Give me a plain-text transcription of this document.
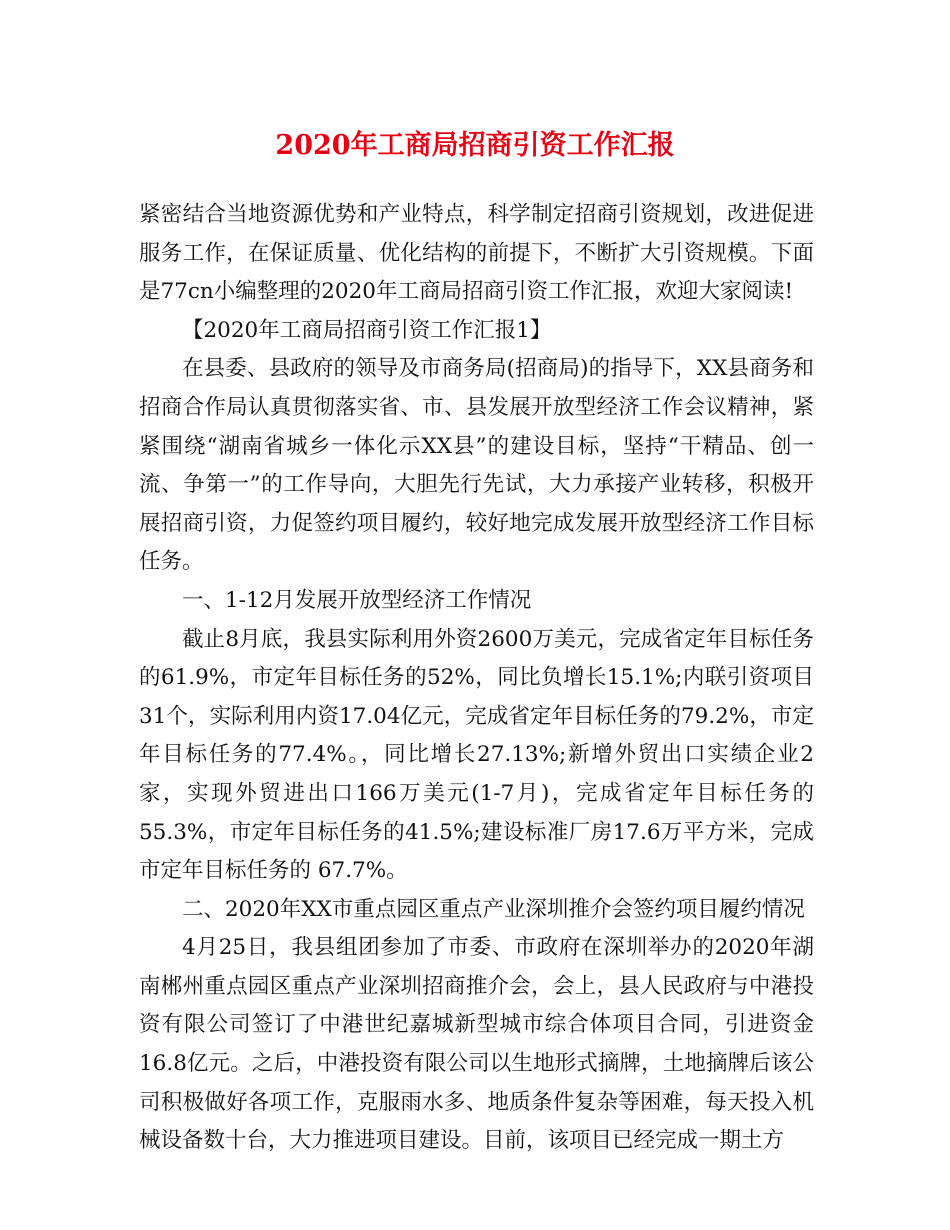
2020年工商局招商引资工作汇报

紧密结合当地资源优势和产业特点，科学制定招商引资规划，改进促进服务工作，在保证质量、优化结构的前提下，不断扩大引资规模。下面是77cn小编整理的2020年工商局招商引资工作汇报，欢迎大家阅读!

【2020年工商局招商引资工作汇报1】

在县委、县政府的领导及市商务局(招商局)的指导下，XX县商务和招商合作局认真贯彻落实省、市、县发展开放型经济工作会议精神，紧紧围绕“湖南省城乡一体化示XX县”的建设目标，坚持“干精品、创一流、争第一”的工作导向，大胆先行先试，大力承接产业转移，积极开展招商引资，力促签约项目履约，较好地完成发展开放型经济工作目标任务。

一、1-12月发展开放型经济工作情况

截止8月底，我县实际利用外资2600万美元，完成省定年目标任务的61.9%，市定年目标任务的52%，同比负增长15.1%;内联引资项目31个，实际利用内资17.04亿元，完成省定年目标任务的79.2%，市定年目标任务的77.4%。，同比增长27.13%;新增外贸出口实绩企业2家，实现外贸进出口166万美元(1-7月)，完成省定年目标任务的55.3%，市定年目标任务的41.5%;建设标准厂房17.6万平方米，完成市定年目标任务的 67.7%。

二、2020年XX市重点园区重点产业深圳推介会签约项目履约情况

4月25日，我县组团参加了市委、市政府在深圳举办的2020年湖南郴州重点园区重点产业深圳招商推介会，会上，县人民政府与中港投资有限公司签订了中港世纪嘉城新型城市综合体项目合同，引进资金16.8亿元。之后，中港投资有限公司以生地形式摘牌，土地摘牌后该公司积极做好各项工作，克服雨水多、地质条件复杂等困难，每天投入机械设备数十台，大力推进项目建设。目前，该项目已经完成一期土方
